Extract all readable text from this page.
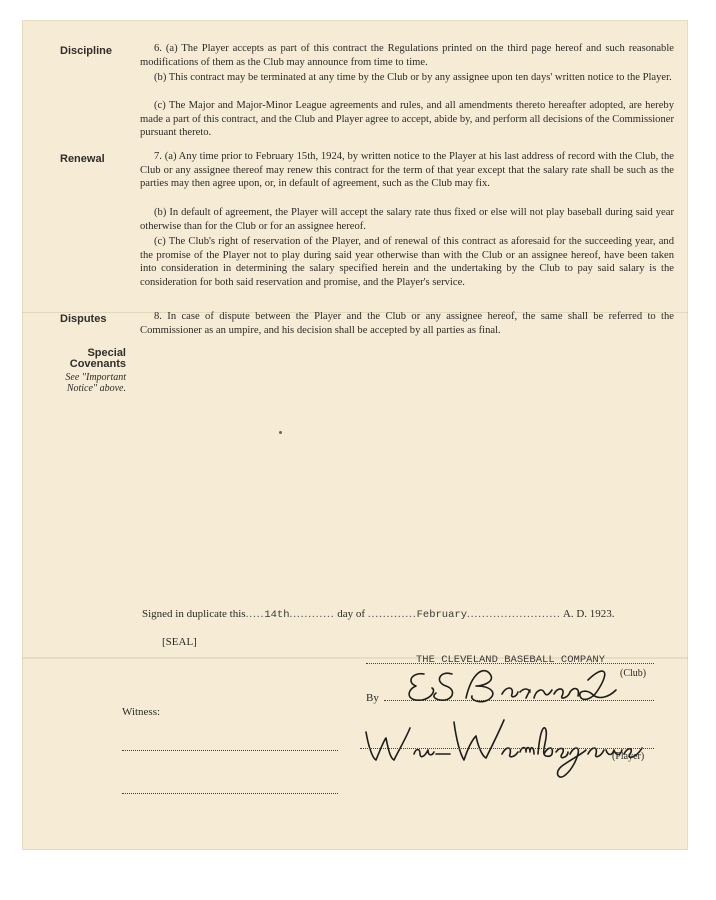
Discipline	6. (a) The Player accepts as part of this contract the Regulations printed on the third page hereof and such reasonable modifications of them as the Club may announce from time to time.

(b) This contract may be terminated at any time by the Club or by any assignee upon ten days' written notice to the Player.

(c) The Major and Major-Minor League agreements and rules, and all amendments thereto hereafter adopted, are hereby made a part of this contract, and the Club and Player agree to accept, abide by, and perform all decisions of the Commissioner pursuant thereto.

Renewal	7. (a) Any time prior to February 15th, 1924, by written notice to the Player at his last address of record with the Club, the Club or any assignee thereof may renew this contract for the term of that year except that the salary rate shall be such as the parties may then agree upon, or, in default of agreement, such as the Club may fix.

(b) In default of agreement, the Player will accept the salary rate thus fixed or else will not play baseball during said year otherwise than for the Club or for an assignee hereof.

(c) The Club's right of reservation of the Player, and of renewal of this contract as aforesaid for the succeeding year, and the promise of the Player not to play during said year otherwise than with the Club or an assignee hereof, have been taken into consideration in determining the salary specified herein and the undertaking by the Club to pay said salary is the consideration for both said reservation and promise, and the Player's service.

Disputes	8. In case of dispute between the Player and the Club or any assignee hereof, the same shall be referred to the Commissioner as an umpire, and his decision shall be accepted by all parties as final.

Special Covenants
See "Important Notice" above.
Signed in duplicate this.....14th............ day of .............February......................... A. D. 1923.
[SEAL]
THE CLEVELAND BASEBALL COMPANY
(Club)
By
Witness:
(Player)
